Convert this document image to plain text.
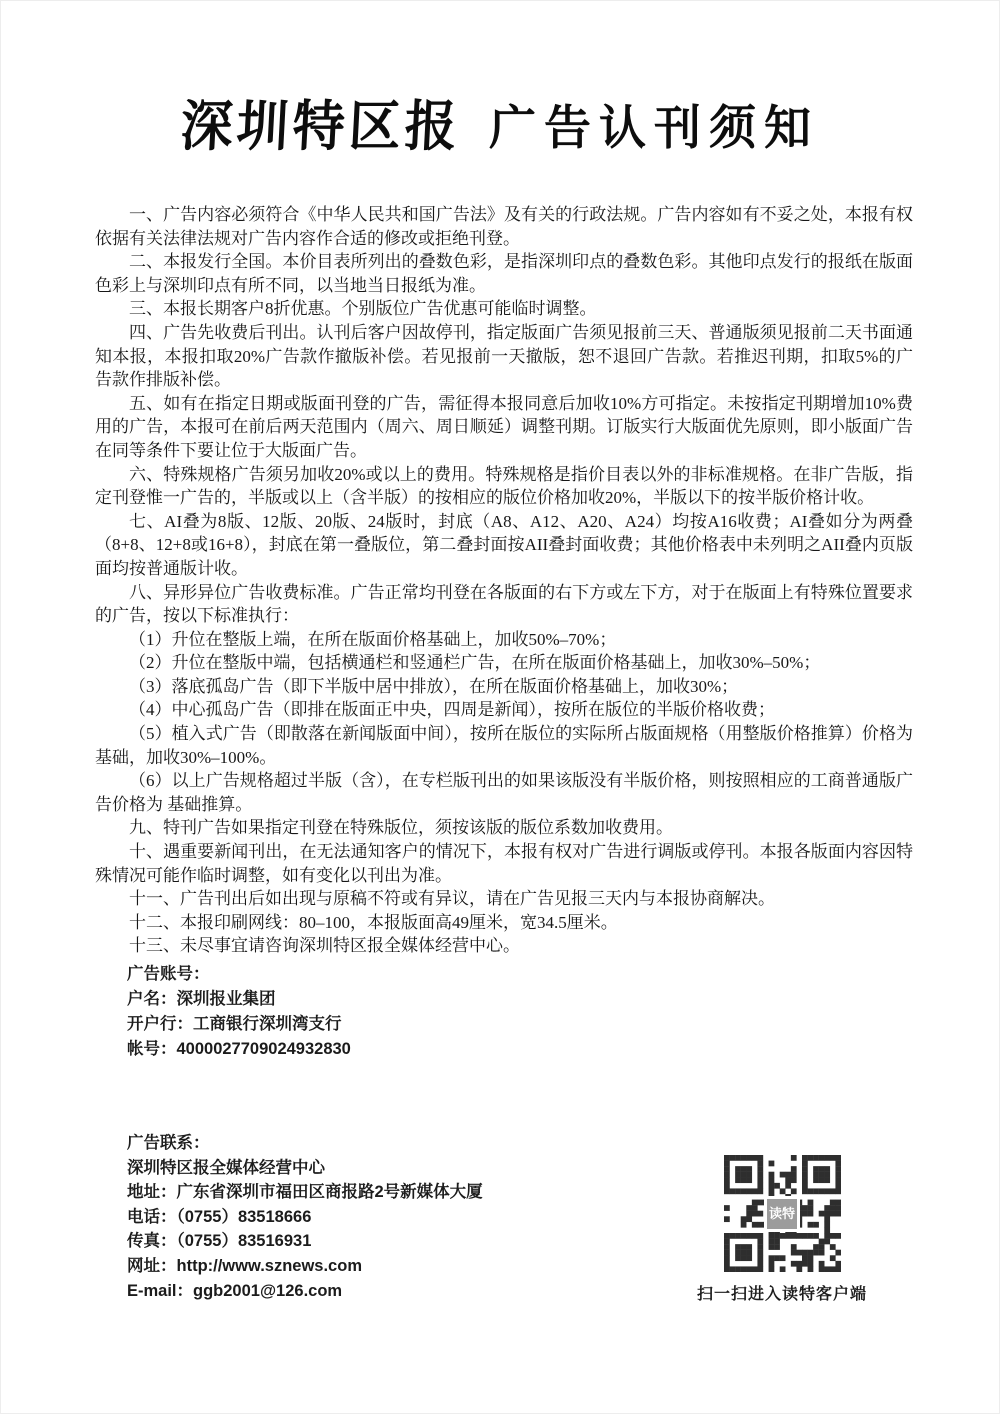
深圳特区报 广告认刊须知

一、广告内容必须符合《中华人民共和国广告法》及有关的行政法规。广告内容如有不妥之处，本报有权依据有关法律法规对广告内容作合适的修改或拒绝刊登。

二、本报发行全国。本价目表所列出的叠数色彩，是指深圳印点的叠数色彩。其他印点发行的报纸在版面色彩上与深圳印点有所不同，以当地当日报纸为准。

三、本报长期客户8折优惠。个别版位广告优惠可能临时调整。

四、广告先收费后刊出。认刊后客户因故停刊，指定版面广告须见报前三天、普通版须见报前二天书面通知本报，本报扣取20%广告款作撤版补偿。若见报前一天撤版，恕不退回广告款。若推迟刊期，扣取5%的广告款作排版补偿。

五、如有在指定日期或版面刊登的广告，需征得本报同意后加收10%方可指定。未按指定刊期增加10%费用的广告，本报可在前后两天范围内（周六、周日顺延）调整刊期。订版实行大版面优先原则，即小版面广告在同等条件下要让位于大版面广告。

六、特殊规格广告须另加收20%或以上的费用。特殊规格是指价目表以外的非标准规格。在非广告版，指定刊登惟一广告的，半版或以上（含半版）的按相应的版位价格加收20%，半版以下的按半版价格计收。

七、AI叠为8版、12版、20版、24版时，封底（A8、A12、A20、A24）均按A16收费；AI叠如分为两叠（8+8、12+8或16+8），封底在第一叠版位，第二叠封面按AII叠封面收费；其他价格表中未列明之AII叠内页版面均按普通版计收。

八、异形异位广告收费标准。广告正常均刊登在各版面的右下方或左下方，对于在版面上有特殊位置要求的广告，按以下标准执行：

（1）升位在整版上端，在所在版面价格基础上，加收50%–70%；

（2）升位在整版中端，包括横通栏和竖通栏广告，在所在版面价格基础上，加收30%–50%；

（3）落底孤岛广告（即下半版中居中排放），在所在版面价格基础上，加收30%；

（4）中心孤岛广告（即排在版面正中央，四周是新闻），按所在版位的半版价格收费；

（5）植入式广告（即散落在新闻版面中间），按所在版位的实际所占版面规格（用整版价格推算）价格为基础，加收30%–100%。

（6）以上广告规格超过半版（含），在专栏版刊出的如果该版没有半版价格，则按照相应的工商普通版广告价格为 基础推算。

九、特刊广告如果指定刊登在特殊版位，须按该版的版位系数加收费用。

十、遇重要新闻刊出，在无法通知客户的情况下，本报有权对广告进行调版或停刊。本报各版面内容因特殊情况可能作临时调整，如有变化以刊出为准。

十一、广告刊出后如出现与原稿不符或有异议，请在广告见报三天内与本报协商解决。

十二、本报印刷网线：80–100，本报版面高49厘米，宽34.5厘米。

十三、未尽事宜请咨询深圳特区报全媒体经营中心。

广告账号：

户名：深圳报业集团

开户行：工商银行深圳湾支行

帐号：4000027709024932830

广告联系：

深圳特区报全媒体经营中心

地址：广东省深圳市福田区商报路2号新媒体大厦

电话：（0755）83518666

传真：（0755）83516931

网址：http://www.sznews.com

E-mail：ggb2001@126.com

读特
扫一扫进入读特客户端
